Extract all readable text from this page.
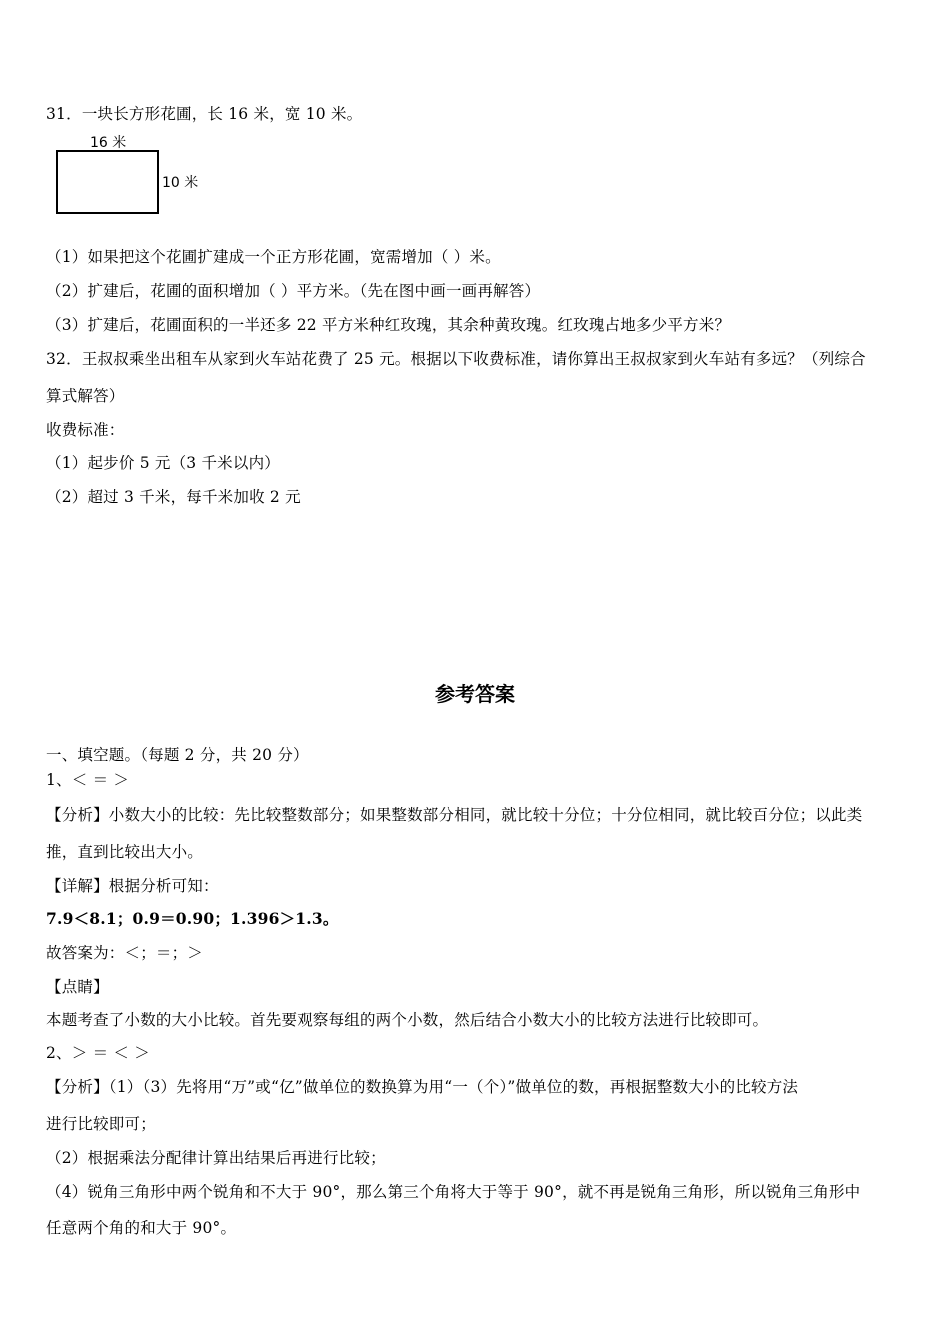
31．一块长方形花圃，长 16 米，宽 10 米。
16 米
10 米
（1）如果把这个花圃扩建成一个正方形花圃，宽需增加（ ）米。
（2）扩建后，花圃的面积增加（ ）平方米。（先在图中画一画再解答）
（3）扩建后，花圃面积的一半还多 22 平方米种红玫瑰，其余种黄玫瑰。红玫瑰占地多少平方米？
32．王叔叔乘坐出租车从家到火车站花费了 25 元。根据以下收费标准，请你算出王叔叔家到火车站有多远？（列综合
算式解答）
收费标准：
（1）起步价 5 元（3 千米以内）
（2）超过 3 千米，每千米加收 2 元
参考答案
一、填空题。（每题 2 分，共 20 分）
1、＜ ＝ ＞
【分析】小数大小的比较：先比较整数部分；如果整数部分相同，就比较十分位；十分位相同，就比较百分位；以此类
推，直到比较出大小。
【详解】根据分析可知：
7.9＜8.1；0.9＝0.90；1.396＞1.3。
故答案为：＜；＝；＞
【点睛】
本题考查了小数的大小比较。首先要观察每组的两个小数，然后结合小数大小的比较方法进行比较即可。
2、＞ ＝ ＜ ＞
【分析】（1）（3）先将用“万”或“亿”做单位的数换算为用“一（个）”做单位的数，再根据整数大小的比较方法
进行比较即可；
（2）根据乘法分配律计算出结果后再进行比较；
（4）锐角三角形中两个锐角和不大于 90°，那么第三个角将大于等于 90°，就不再是锐角三角形，所以锐角三角形中
任意两个角的和大于 90°。
